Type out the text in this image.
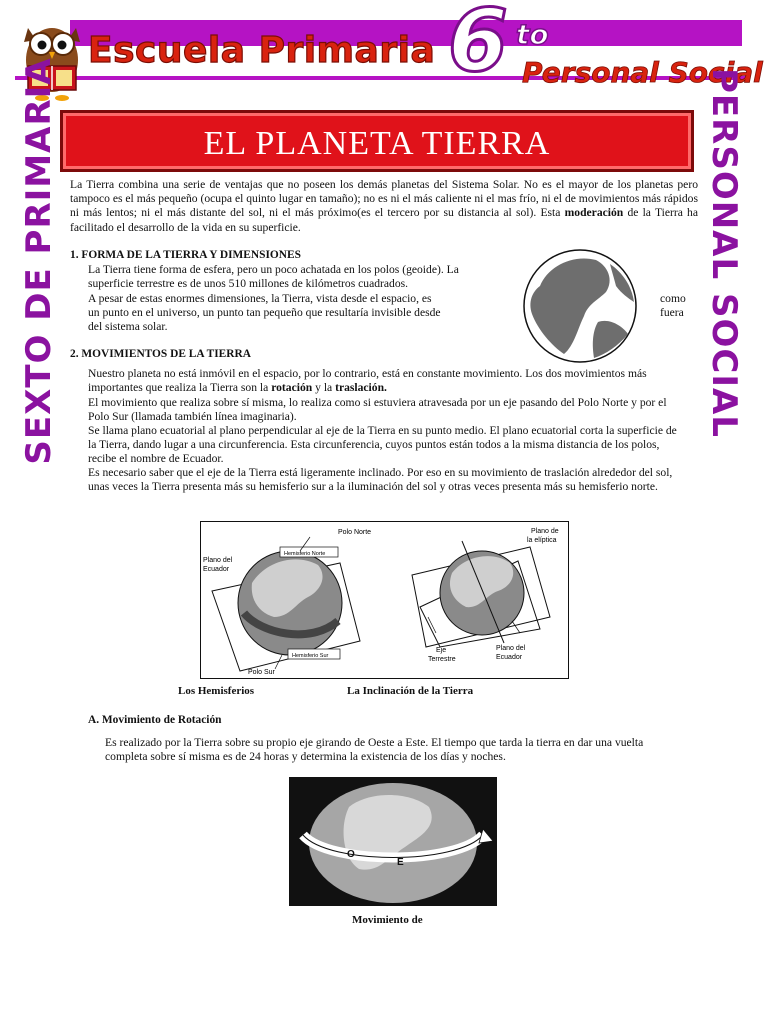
Escuela Primaria 6 to
Personal Social
SEXTO DE PRIMARIA	PERSONAL SOCIAL
EL PLANETA TIERRA
La Tierra combina una serie de ventajas que no poseen los demás planetas del Sistema Solar. No es el mayor de los planetas pero tampoco es el más pequeño (ocupa el quinto lugar en tamaño); no es ni el más caliente ni el mas frío, ni el de movimientos más rápidos ni más lentos; ni el más distante del sol, ni el más próximo(es el tercero por su distancia al sol). Esta moderación de la Tierra ha facilitado el desarrollo de la vida en su superficie.
1. FORMA DE LA TIERRA Y DIMENSIONES
La Tierra tiene forma de esfera, pero un poco achatada en los polos (geoide). La
superficie terrestre es de unos 510 millones de kilómetros cuadrados.
A pesar de estas enormes dimensiones, la Tierra, vista desde el espacio, es	como
un punto en el universo, un punto tan pequeño que resultaría invisible desde	fuera
del sistema solar.
2. MOVIMIENTOS DE LA TIERRA
Nuestro planeta no está inmóvil en el espacio, por lo contrario, está en constante movimiento. Los dos movimientos más importantes que realiza la Tierra son la rotación y la traslación.
El movimiento que realiza sobre sí misma, lo realiza como si estuviera atravesada por un eje pasando del Polo Norte y por el Polo Sur (llamada también línea imaginaria).
Se llama plano ecuatorial al plano perpendicular al eje de la Tierra en su punto medio. El plano ecuatorial corta la superficie de la Tierra, dando lugar a una circunferencia. Esta circunferencia, cuyos puntos están todos a la misma distancia de los polos, recibe el nombre de Ecuador.
Es necesario saber que el eje de la Tierra está ligeramente inclinado. Por eso en su movimiento de traslación alrededor del sol, unas veces la Tierra presenta más su hemisferio sur a la iluminación del sol y otras veces presenta más su hemisferio norte.
Polo Norte
Hemisferio Norte
Plano del
Ecuador
Hemisferio Sur
Polo Sur
Plano de
la elíptica
Eje
Terrestre
Plano del
Ecuador
Los Hemisferios	La Inclinación de la Tierra
A. Movimiento de Rotación
Es realizado por la Tierra sobre su propio eje girando de Oeste a Este. El tiempo que tarda la tierra en dar una vuelta completa sobre sí misma es de 24 horas y determina la existencia de los días y noches.
O
E
Movimiento de
